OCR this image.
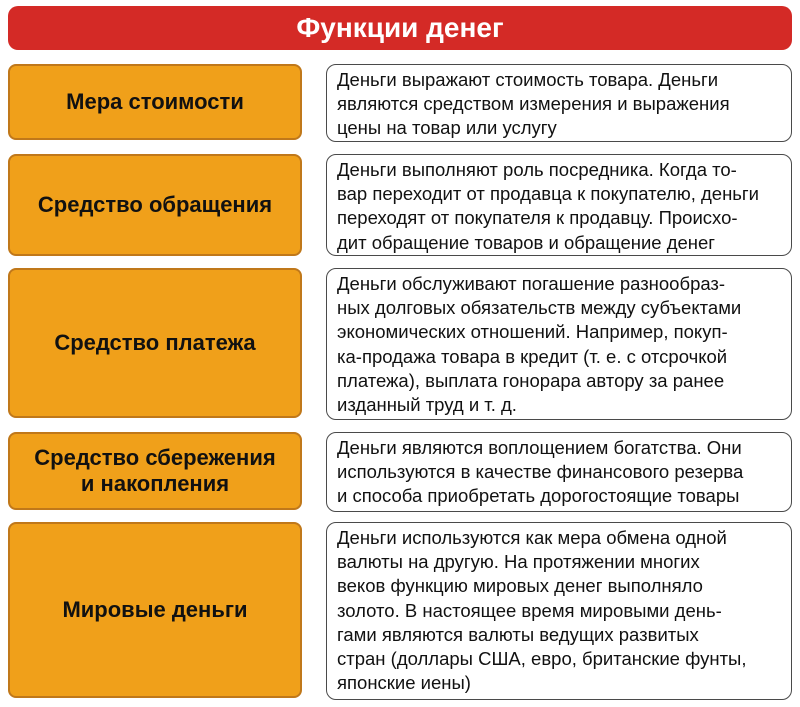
Функции денег
Мера стоимости
Деньги выражают стоимость товара. Деньги
являются средством измерения и выражения
цены на товар или услугу
Средство обращения
Деньги выполняют роль посредника. Когда то-
вар переходит от продавца к покупателю, деньги
переходят от покупателя к продавцу. Происхо-
дит обращение товаров и обращение денег
Средство платежа
Деньги обслуживают погашение разнообраз-
ных долговых обязательств между субъектами
экономических отношений. Например, покуп-
ка-продажа товара в кредит (т. е. с отсрочкой
платежа), выплата гонорара автору за ранее
изданный труд и т. д.
Средство сбережения
и накопления
Деньги являются воплощением богатства. Они
используются в качестве финансового резерва
и способа приобретать дорогостоящие товары
Мировые деньги
Деньги используются как мера обмена одной
валюты на другую. На протяжении многих
веков функцию мировых денег выполняло
золото. В настоящее время мировыми день-
гами являются валюты ведущих развитых
стран (доллары США, евро, британские фунты,
японские иены)
